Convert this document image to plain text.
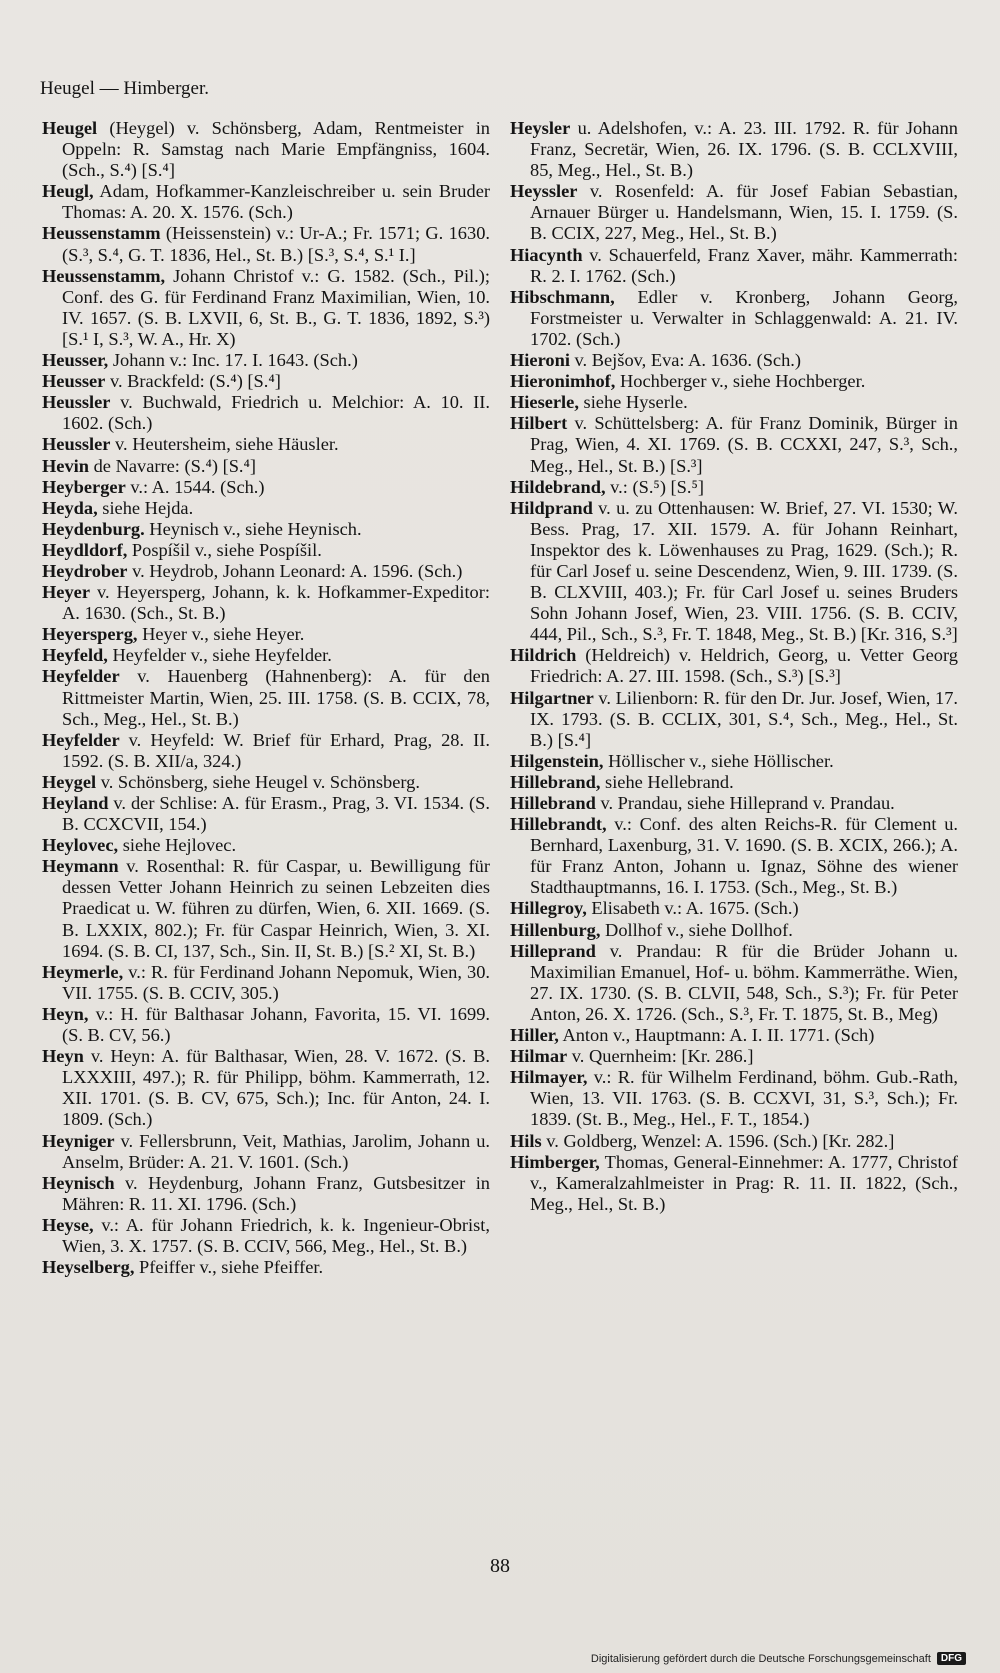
Heugel — Himberger.

Heugel (Heygel) v. Schönsberg, Adam, Rentmeister in Oppeln: R. Samstag nach Marie Empfängniss, 1604. (Sch., S.⁴) [S.⁴]

Heugl, Adam, Hofkammer-Kanzleischreiber u. sein Bruder Thomas: A. 20. X. 1576. (Sch.)

Heussenstamm (Heissenstein) v.: Ur-A.; Fr. 1571; G. 1630. (S.³, S.⁴, G. T. 1836, Hel., St. B.) [S.³, S.⁴, S.¹ I.]

Heussenstamm, Johann Christof v.: G. 1582. (Sch., Pil.); Conf. des G. für Ferdinand Franz Maximilian, Wien, 10. IV. 1657. (S. B. LXVII, 6, St. B., G. T. 1836, 1892, S.³) [S.¹ I, S.³, W. A., Hr. X)

Heusser, Johann v.: Inc. 17. I. 1643. (Sch.)

Heusser v. Brackfeld: (S.⁴) [S.⁴]

Heussler v. Buchwald, Friedrich u. Melchior: A. 10. II. 1602. (Sch.)

Heussler v. Heutersheim, siehe Häusler.

Hevin de Navarre: (S.⁴) [S.⁴]

Heyberger v.: A. 1544. (Sch.)

Heyda, siehe Hejda.

Heydenburg. Heynisch v., siehe Heynisch.

Heydldorf, Pospíšil v., siehe Pospíšil.

Heydrober v. Heydrob, Johann Leonard: A. 1596. (Sch.)

Heyer v. Heyersperg, Johann, k. k. Hofkammer-Expeditor: A. 1630. (Sch., St. B.)

Heyersperg, Heyer v., siehe Heyer.

Heyfeld, Heyfelder v., siehe Heyfelder.

Heyfelder v. Hauenberg (Hahnenberg): A. für den Rittmeister Martin, Wien, 25. III. 1758. (S. B. CCIX, 78, Sch., Meg., Hel., St. B.)

Heyfelder v. Heyfeld: W. Brief für Erhard, Prag, 28. II. 1592. (S. B. XII/a, 324.)

Heygel v. Schönsberg, siehe Heugel v. Schönsberg.

Heyland v. der Schlise: A. für Erasm., Prag, 3. VI. 1534. (S. B. CCXCVII, 154.)

Heylovec, siehe Hejlovec.

Heymann v. Rosenthal: R. für Caspar, u. Bewilligung für dessen Vetter Johann Heinrich zu seinen Lebzeiten dies Praedicat u. W. führen zu dürfen, Wien, 6. XII. 1669. (S. B. LXXIX, 802.); Fr. für Caspar Heinrich, Wien, 3. XI. 1694. (S. B. CI, 137, Sch., Sin. II, St. B.) [S.² XI, St. B.)

Heymerle, v.: R. für Ferdinand Johann Nepomuk, Wien, 30. VII. 1755. (S. B. CCIV, 305.)

Heyn, v.: H. für Balthasar Johann, Favorita, 15. VI. 1699. (S. B. CV, 56.)

Heyn v. Heyn: A. für Balthasar, Wien, 28. V. 1672. (S. B. LXXXIII, 497.); R. für Philipp, böhm. Kammerrath, 12. XII. 1701. (S. B. CV, 675, Sch.); Inc. für Anton, 24. I. 1809. (Sch.)

Heyniger v. Fellersbrunn, Veit, Mathias, Jarolim, Johann u. Anselm, Brüder: A. 21. V. 1601. (Sch.)

Heynisch v. Heydenburg, Johann Franz, Gutsbesitzer in Mähren: R. 11. XI. 1796. (Sch.)

Heyse, v.: A. für Johann Friedrich, k. k. Ingenieur-Obrist, Wien, 3. X. 1757. (S. B. CCIV, 566, Meg., Hel., St. B.)

Heyselberg, Pfeiffer v., siehe Pfeiffer.

Heysler u. Adelshofen, v.: A. 23. III. 1792. R. für Johann Franz, Secretär, Wien, 26. IX. 1796. (S. B. CCLXVIII, 85, Meg., Hel., St. B.)

Heyssler v. Rosenfeld: A. für Josef Fabian Sebastian, Arnauer Bürger u. Handelsmann, Wien, 15. I. 1759. (S. B. CCIX, 227, Meg., Hel., St. B.)

Hiacynth v. Schauerfeld, Franz Xaver, mähr. Kammerrath: R. 2. I. 1762. (Sch.)

Hibschmann, Edler v. Kronberg, Johann Georg, Forstmeister u. Verwalter in Schlaggenwald: A. 21. IV. 1702. (Sch.)

Hieroni v. Bejšov, Eva: A. 1636. (Sch.)

Hieronimhof, Hochberger v., siehe Hochberger.

Hieserle, siehe Hyserle.

Hilbert v. Schüttelsberg: A. für Franz Dominik, Bürger in Prag, Wien, 4. XI. 1769. (S. B. CCXXI, 247, S.³, Sch., Meg., Hel., St. B.) [S.³]

Hildebrand, v.: (S.⁵) [S.⁵]

Hildprand v. u. zu Ottenhausen: W. Brief, 27. VI. 1530; W. Bess. Prag, 17. XII. 1579. A. für Johann Reinhart, Inspektor des k. Löwenhauses zu Prag, 1629. (Sch.); R. für Carl Josef u. seine Descendenz, Wien, 9. III. 1739. (S. B. CLXVIII, 403.); Fr. für Carl Josef u. seines Bruders Sohn Johann Josef, Wien, 23. VIII. 1756. (S. B. CCIV, 444, Pil., Sch., S.³, Fr. T. 1848, Meg., St. B.) [Kr. 316, S.³]

Hildrich (Heldreich) v. Heldrich, Georg, u. Vetter Georg Friedrich: A. 27. III. 1598. (Sch., S.³) [S.³]

Hilgartner v. Lilienborn: R. für den Dr. Jur. Josef, Wien, 17. IX. 1793. (S. B. CCLIX, 301, S.⁴, Sch., Meg., Hel., St. B.) [S.⁴]

Hilgenstein, Höllischer v., siehe Höllischer.

Hillebrand, siehe Hellebrand.

Hillebrand v. Prandau, siehe Hilleprand v. Prandau.

Hillebrandt, v.: Conf. des alten Reichs-R. für Clement u. Bernhard, Laxenburg, 31. V. 1690. (S. B. XCIX, 266.); A. für Franz Anton, Johann u. Ignaz, Söhne des wiener Stadthauptmanns, 16. I. 1753. (Sch., Meg., St. B.)

Hillegroy, Elisabeth v.: A. 1675. (Sch.)

Hillenburg, Dollhof v., siehe Dollhof.

Hilleprand v. Prandau: R für die Brüder Johann u. Maximilian Emanuel, Hof- u. böhm. Kammerräthe. Wien, 27. IX. 1730. (S. B. CLVII, 548, Sch., S.³); Fr. für Peter Anton, 26. X. 1726. (Sch., S.³, Fr. T. 1875, St. B., Meg)

Hiller, Anton v., Hauptmann: A. I. II. 1771. (Sch)

Hilmar v. Quernheim: [Kr. 286.]

Hilmayer, v.: R. für Wilhelm Ferdinand, böhm. Gub.-Rath, Wien, 13. VII. 1763. (S. B. CCXVI, 31, S.³, Sch.); Fr. 1839. (St. B., Meg., Hel., F. T., 1854.)

Hils v. Goldberg, Wenzel: A. 1596. (Sch.) [Kr. 282.]

Himberger, Thomas, General-Einnehmer: A. 1777, Christof v., Kameralzahlmeister in Prag: R. 11. II. 1822, (Sch., Meg., Hel., St. B.)

88
Digitalisierung gefördert durch die Deutsche Forschungsgemeinschaft	DFG
